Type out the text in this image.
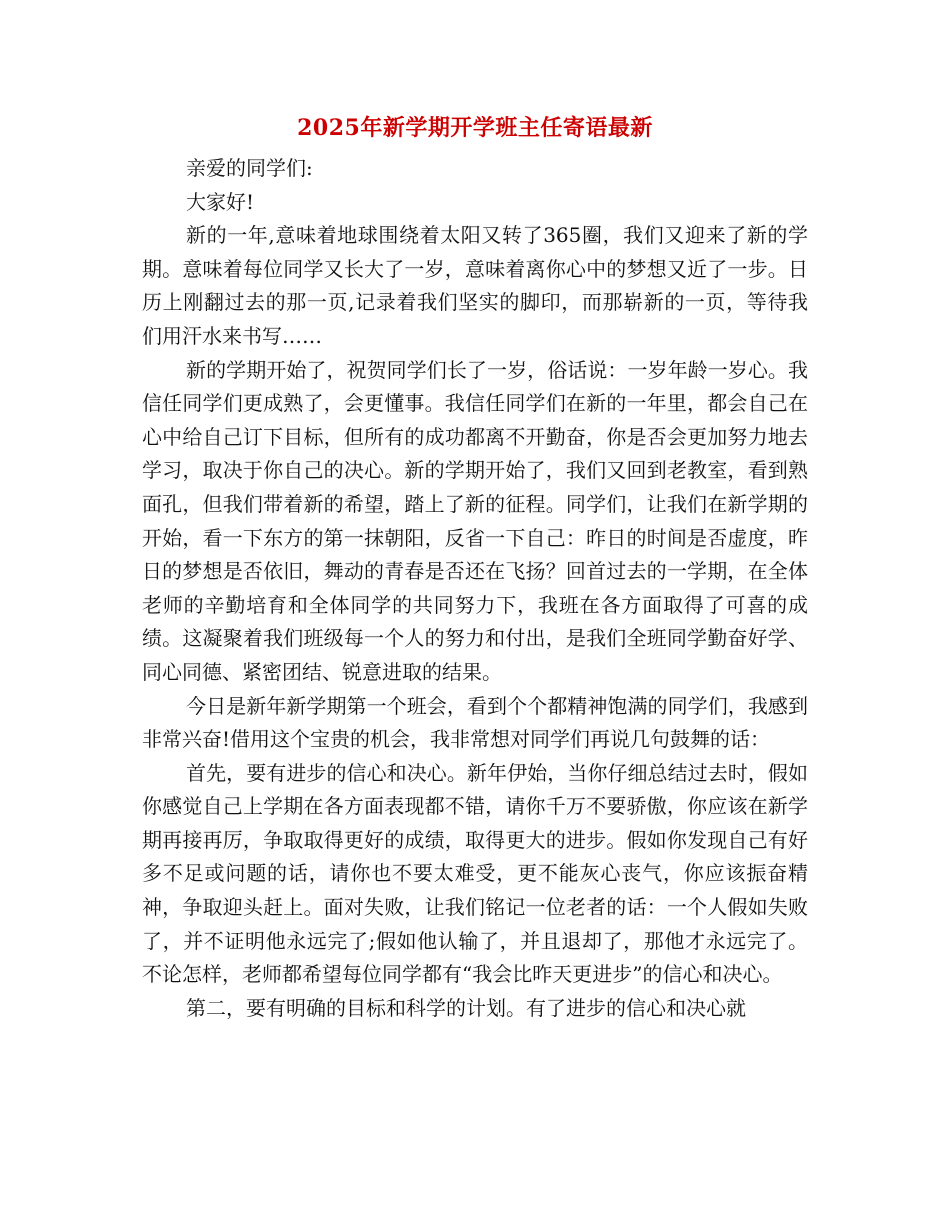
2025年新学期开学班主任寄语最新

亲爱的同学们:

大家好!

新的一年,意味着地球围绕着太阳又转了365圈，我们又迎来了新的学期。意味着每位同学又长大了一岁，意味着离你心中的梦想又近了一步。日历上刚翻过去的那一页,记录着我们坚实的脚印，而那崭新的一页，等待我们用汗水来书写……

新的学期开始了，祝贺同学们长了一岁，俗话说：一岁年龄一岁心。我信任同学们更成熟了，会更懂事。我信任同学们在新的一年里，都会自己在心中给自己订下目标，但所有的成功都离不开勤奋，你是否会更加努力地去学习，取决于你自己的决心。新的学期开始了，我们又回到老教室，看到熟面孔，但我们带着新的希望，踏上了新的征程。同学们，让我们在新学期的开始，看一下东方的第一抹朝阳，反省一下自己：昨日的时间是否虚度，昨日的梦想是否依旧，舞动的青春是否还在飞扬？回首过去的一学期，在全体老师的辛勤培育和全体同学的共同努力下，我班在各方面取得了可喜的成绩。这凝聚着我们班级每一个人的努力和付出，是我们全班同学勤奋好学、同心同德、紧密团结、锐意进取的结果。

今日是新年新学期第一个班会，看到个个都精神饱满的同学们，我感到非常兴奋!借用这个宝贵的机会，我非常想对同学们再说几句鼓舞的话：

首先，要有进步的信心和决心。新年伊始，当你仔细总结过去时，假如你感觉自己上学期在各方面表现都不错，请你千万不要骄傲，你应该在新学期再接再厉，争取取得更好的成绩，取得更大的进步。假如你发现自己有好多不足或问题的话，请你也不要太难受，更不能灰心丧气，你应该振奋精神，争取迎头赶上。面对失败，让我们铭记一位老者的话：一个人假如失败了，并不证明他永远完了;假如他认输了，并且退却了，那他才永远完了。不论怎样，老师都希望每位同学都有“我会比昨天更进步”的信心和决心。

第二，要有明确的目标和科学的计划。有了进步的信心和决心就
